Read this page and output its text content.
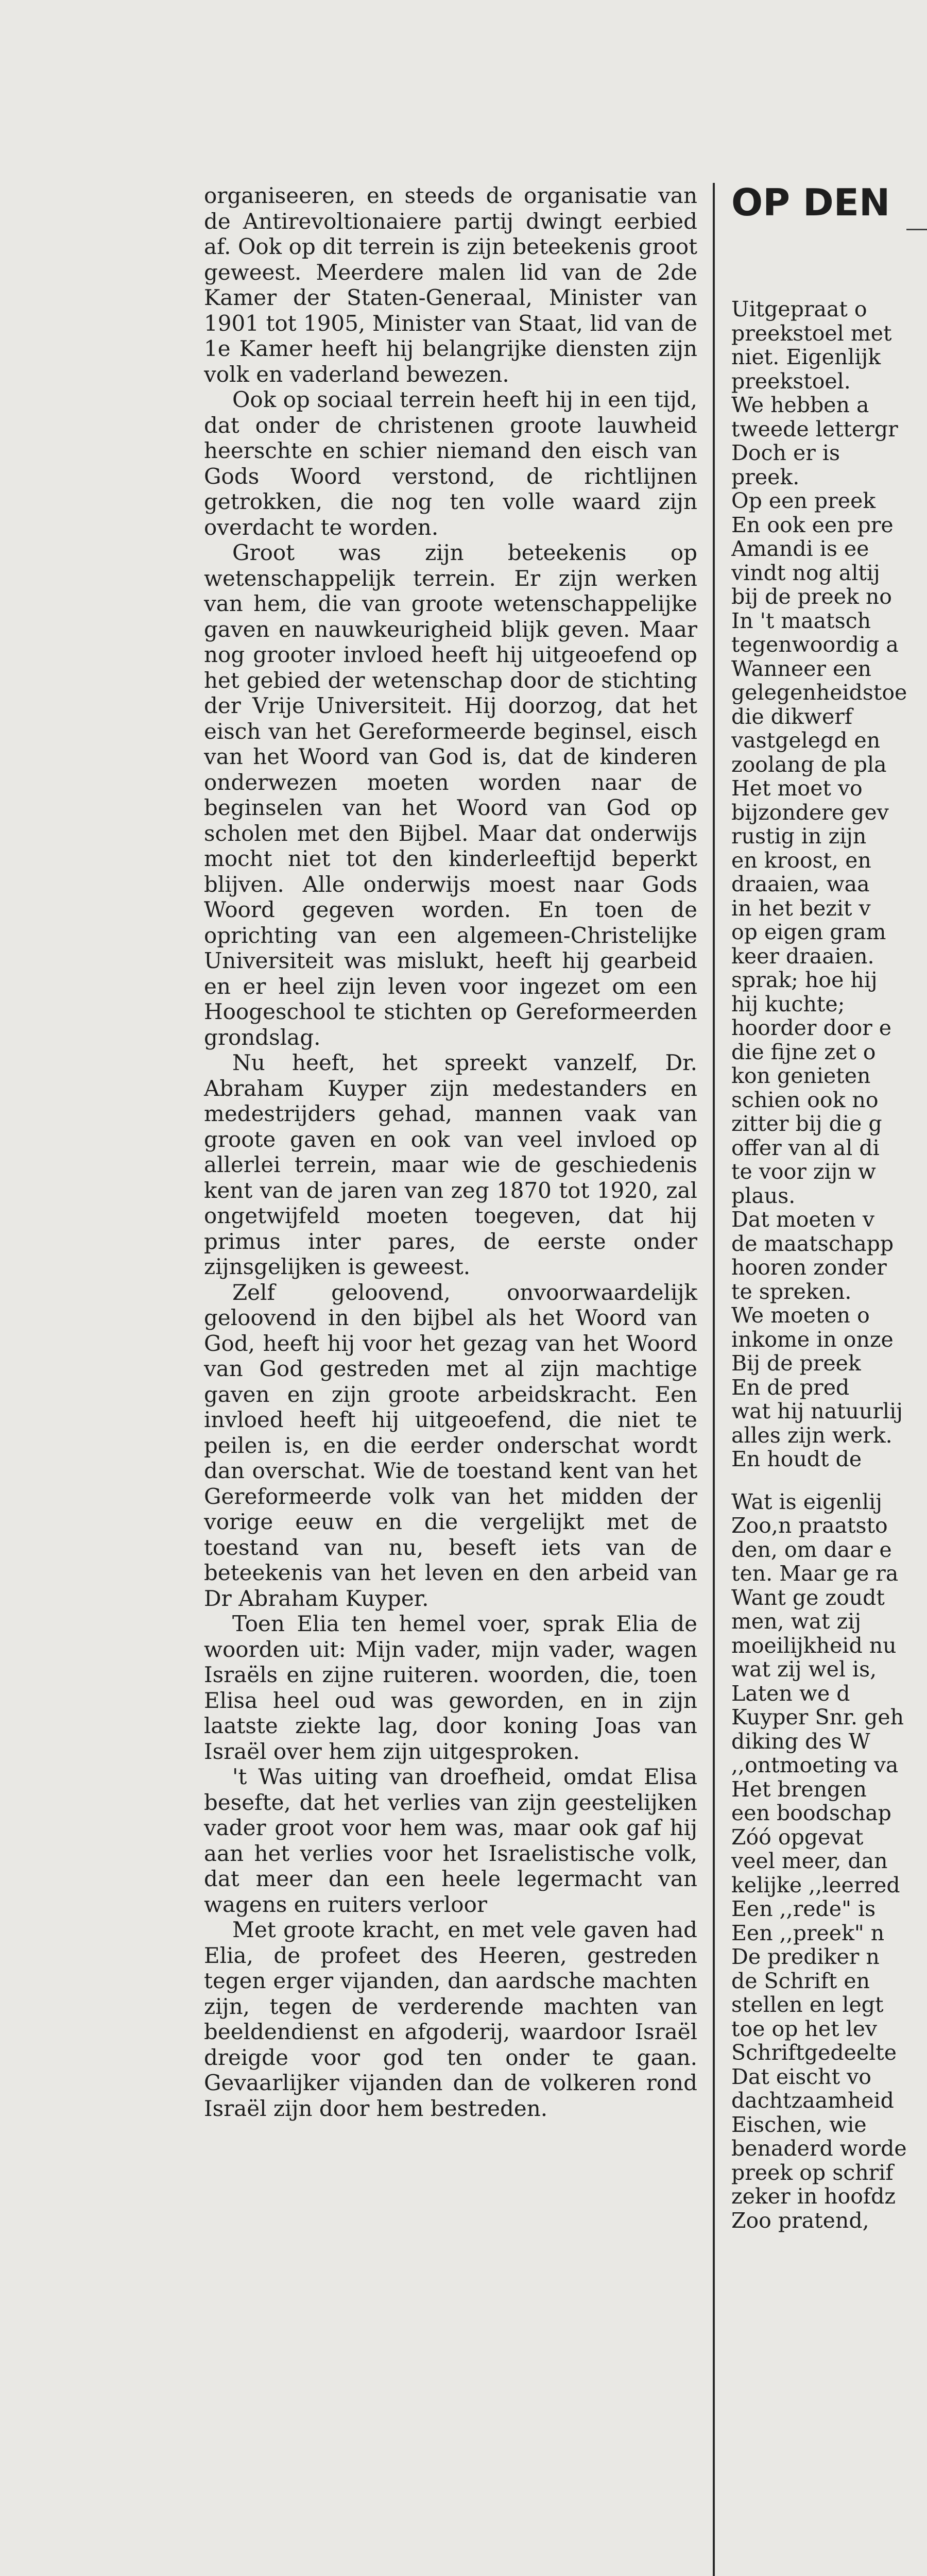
organiseeren, en steeds de organisatie van de Antirevoltionaiere partij dwingt eerbied af. Ook op dit terrein is zijn beteekenis groot geweest. Meerdere malen lid van de 2de Kamer der Staten-Generaal, Minister van 1901 tot 1905, Minister van Staat, lid van de 1e Kamer heeft hij belangrijke diensten zijn volk en vaderland bewezen.

Ook op sociaal terrein heeft hij in een tijd, dat onder de christenen groote lauwheid heerschte en schier niemand den eisch van Gods Woord verstond, de richtlijnen getrokken, die nog ten volle waard zijn overdacht te worden.

Groot was zijn beteekenis op wetenschappelijk terrein. Er zijn werken van hem, die van groote wetenschappelijke gaven en nauwkeurigheid blijk geven. Maar nog grooter invloed heeft hij uitgeoefend op het gebied der wetenschap door de stichting der Vrije Universiteit. Hij doorzog, dat het eisch van het Gereformeerde beginsel, eisch van het Woord van God is, dat de kinderen onderwezen moeten worden naar de beginselen van het Woord van God op scholen met den Bijbel. Maar dat onderwijs mocht niet tot den kinderleeftijd beperkt blijven. Alle onderwijs moest naar Gods Woord gegeven worden. En toen de oprichting van een algemeen-Christelijke Universiteit was mislukt, heeft hij gearbeid en er heel zijn leven voor ingezet om een Hoogeschool te stichten op Gereformeerden grondslag.

Nu heeft, het spreekt vanzelf, Dr. Abraham Kuyper zijn medestanders en medestrijders gehad, mannen vaak van groote gaven en ook van veel invloed op allerlei terrein, maar wie de geschiedenis kent van de jaren van zeg 1870 tot 1920, zal ongetwijfeld moeten toegeven, dat hij primus inter pares, de eerste onder zijnsgelijken is geweest.

Zelf geloovend, onvoorwaardelijk geloovend in den bijbel als het Woord van God, heeft hij voor het gezag van het Woord van God gestreden met al zijn machtige gaven en zijn groote arbeidskracht. Een invloed heeft hij uitgeoefend, die niet te peilen is, en die eerder onderschat wordt dan overschat. Wie de toestand kent van het Gereformeerde volk van het midden der vorige eeuw en die vergelijkt met de toestand van nu, beseft iets van de beteekenis van het leven en den arbeid van Dr Abraham Kuyper.

Toen Elia ten hemel voer, sprak Elia de woorden uit: Mijn vader, mijn vader, wagen Israëls en zijne ruiteren. woorden, die, toen Elisa heel oud was geworden, en in zijn laatste ziekte lag, door koning Joas van Israël over hem zijn uitgesproken.

't Was uiting van droefheid, omdat Elisa besefte, dat het verlies van zijn geestelijken vader groot voor hem was, maar ook gaf hij aan het verlies voor het Israelistische volk, dat meer dan een heele legermacht van wagens en ruiters verloor

Met groote kracht, en met vele gaven had Elia, de profeet des Heeren, gestreden tegen erger vijanden, dan aardsche machten zijn, tegen de verderende machten van beeldendienst en afgoderij, waardoor Israël dreigde voor god ten onder te gaan. Gevaarlijker vijanden dan de volkeren rond Israël zijn door hem bestreden.

OP DEN
Uitgepraat o
preekstoel met
niet. Eigenlijk
preekstoel.
We hebben a
tweede lettergr
Doch er is
preek.
Op een preek
En ook een pre
Amandi is ee
vindt nog altij
bij de preek no
In 't maatsch
tegenwoordig a
Wanneer een
gelegenheidstoe
die dikwerf
vastgelegd en
zoolang de pla
Het moet vo
bijzondere gev
rustig in zijn
en kroost, en
draaien, waa
in het bezit v
op eigen gram
keer draaien.
sprak; hoe hij
hij kuchte;
hoorder door e
die fijne zet o
kon genieten
schien ook no
zitter bij die g
offer van al di
te voor zijn w
plaus.
Dat moeten v
de maatschapp
hooren zonder
te spreken.
We moeten o
inkome in onze
Bij de preek
En de pred
wat hij natuurlij
alles zijn werk.
En houdt de
Wat is eigenlij
Zoo,n praatsto
den, om daar e
ten. Maar ge ra
Want ge zoudt
men, wat zij
moeilijkheid nu
wat zij wel is,
Laten we d
Kuyper Snr. geh
diking des W
,,ontmoeting va
Het brengen
een boodschap
Zóó opgevat
veel meer, dan
kelijke ,,leerred
Een ,,rede" is
Een ,,preek" n
De prediker n
de Schrift en
stellen en legt
toe op het lev
Schriftgedeelte
Dat eischt vo
dachtzaamheid
Eischen, wie
benaderd worde
preek op schrif
zeker in hoofdz
Zoo pratend,
